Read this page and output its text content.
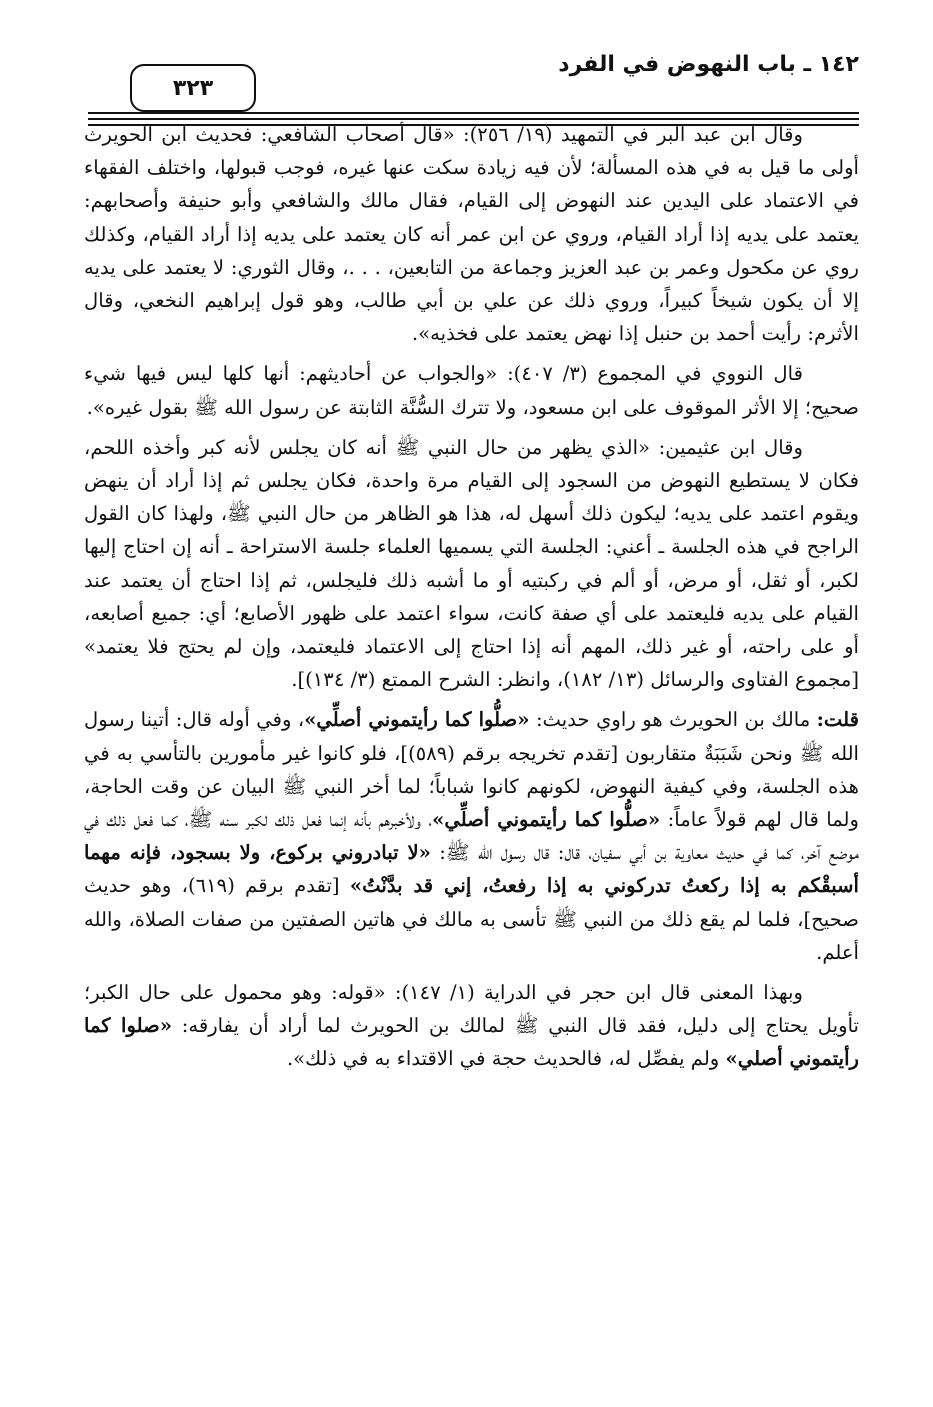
١٤٢ ـ باب النهوض في الفرد
٣٢٣

وقال ابن عبد البر في التمهيد (١٩/ ٢٥٦): «قال أصحاب الشافعي: فحديث ابن الحويرث أولى ما قيل به في هذه المسألة؛ لأن فيه زيادة سكت عنها غيره، فوجب قبولها، واختلف الفقهاء في الاعتماد على اليدين عند النهوض إلى القيام، فقال مالك والشافعي وأبو حنيفة وأصحابهم: يعتمد على يديه إذا أراد القيام، وروي عن ابن عمر أنه كان يعتمد على يديه إذا أراد القيام، وكذلك روي عن مكحول وعمر بن عبد العزيز وجماعة من التابعين، . . .، وقال الثوري: لا يعتمد على يديه إلا أن يكون شيخاً كبيراً، وروي ذلك عن علي بن أبي طالب، وهو قول إبراهيم النخعي، وقال الأثرم: رأيت أحمد بن حنبل إذا نهض يعتمد على فخذيه».

قال النووي في المجموع (٣/ ٤٠٧): «والجواب عن أحاديثهم: أنها كلها ليس فيها شيء صحيح؛ إلا الأثر الموقوف على ابن مسعود، ولا تترك السُّنَّة الثابتة عن رسول الله ﷺ بقول غيره».

وقال ابن عثيمين: «الذي يظهر من حال النبي ﷺ أنه كان يجلس لأنه كبر وأخذه اللحم، فكان لا يستطيع النهوض من السجود إلى القيام مرة واحدة، فكان يجلس ثم إذا أراد أن ينهض ويقوم اعتمد على يديه؛ ليكون ذلك أسهل له، هذا هو الظاهر من حال النبي ﷺ، ولهذا كان القول الراجح في هذه الجلسة ـ أعني: الجلسة التي يسميها العلماء جلسة الاستراحة ـ أنه إن احتاج إليها لكبر، أو ثقل، أو مرض، أو ألم في ركبتيه أو ما أشبه ذلك فليجلس، ثم إذا احتاج أن يعتمد عند القيام على يديه فليعتمد على أي صفة كانت، سواء اعتمد على ظهور الأصابع؛ أي: جميع أصابعه، أو على راحته، أو غير ذلك، المهم أنه إذا احتاج إلى الاعتماد فليعتمد، وإن لم يحتج فلا يعتمد» [مجموع الفتاوى والرسائل (١٣/ ١٨٢)، وانظر: الشرح الممتع (٣/ ١٣٤)].

قلت: مالك بن الحويرث هو راوي حديث: «صلُّوا كما رأيتموني أصلِّي»، وفي أوله قال: أتينا رسول الله ﷺ ونحن شَبَبَةٌ متقاربون [تقدم تخريجه برقم (٥٨٩)]، فلو كانوا غير مأمورين بالتأسي به في هذه الجلسة، وفي كيفية النهوض، لكونهم كانوا شباباً؛ لما أخر النبي ﷺ البيان عن وقت الحاجة، ولما قال لهم قولاً عاماً: «صلُّوا كما رأيتموني أصلِّي»، ولأخبرهم بأنه إنما فعل ذلك لكبر سنه ﷺ، كما فعل ذلك في موضع آخر، كما في حديث معاوية بن أبي سفيان، قال: قال رسول الله ﷺ: «لا تبادروني بركوع، ولا بسجود، فإنه مهما أسبقْكم به إذا ركعتُ تدركوني به إذا رفعتُ، إني قد بدَّنْتُ» [تقدم برقم (٦١٩)، وهو حديث صحيح]، فلما لم يقع ذلك من النبي ﷺ تأسى به مالك في هاتين الصفتين من صفات الصلاة، والله أعلم.

وبهذا المعنى قال ابن حجر في الدراية (١/ ١٤٧): «قوله: وهو محمول على حال الكبر؛ تأويل يحتاج إلى دليل، فقد قال النبي ﷺ لمالك بن الحويرث لما أراد أن يفارقه: «صلوا كما رأيتموني أصلي» ولم يفصِّل له، فالحديث حجة في الاقتداء به في ذلك».
